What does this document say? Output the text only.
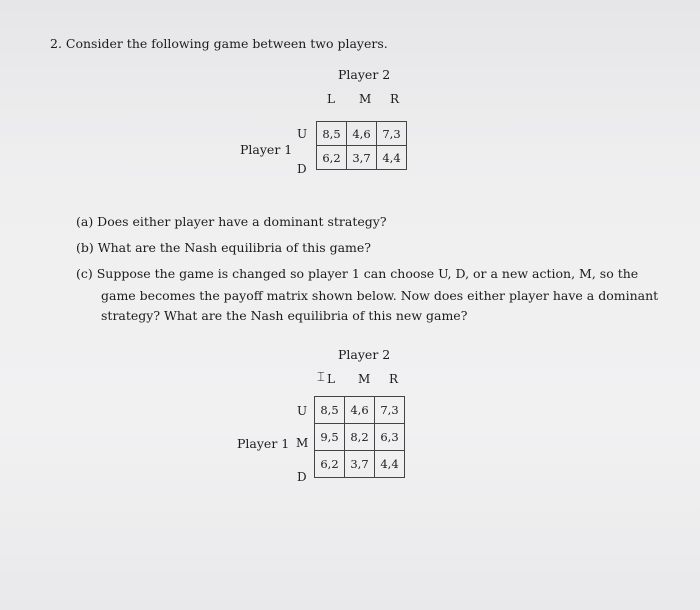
2. Consider the following game between two players.
Player 2
L M R
Player 1
U
D
8,5	4,6	7,3
6,2	3,7	4,4
(a) Does either player have a dominant strategy?
(b) What are the Nash equilibria of this game?
(c) Suppose the game is changed so player 1 can choose U, D, or a new action, M, so the
game becomes the payoff matrix shown below. Now does either player have a dominant
strategy? What are the Nash equilibria of this new game?
Player 2
L M R
⌶
U
Player 1 M
D
8,5	4,6	7,3
9,5	8,2	6,3
6,2	3,7	4,4
